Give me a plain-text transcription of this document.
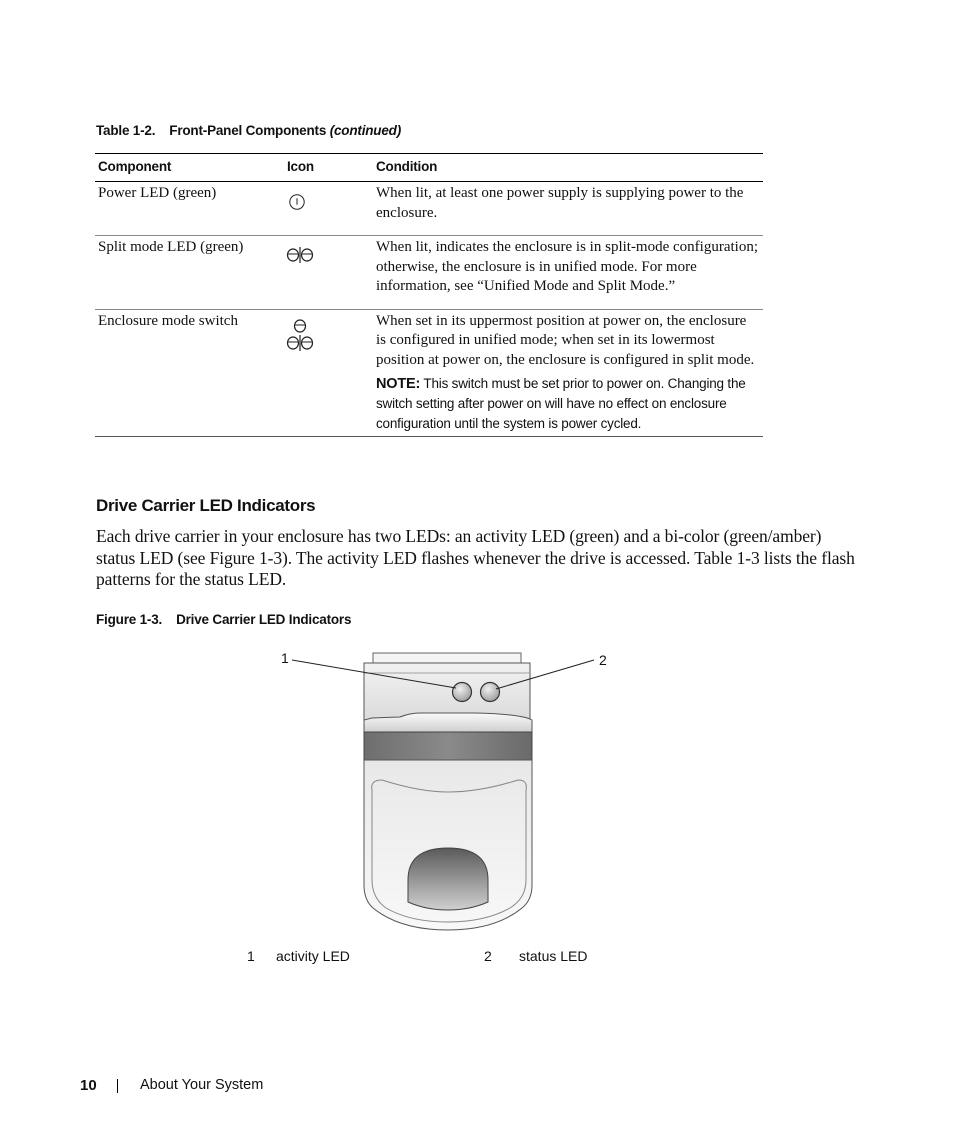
Table 1-2. Front-Panel Components (continued)
Component	Icon	Condition
Power LED (green)		When lit, at least one power supply is supplying power to the enclosure.
Split mode LED (green)		When lit, indicates the enclosure is in split-mode configuration; otherwise, the enclosure is in unified mode. For more information, see “Unified Mode and Split Mode.”
Enclosure mode switch		When set in its uppermost position at power on, the enclosure is configured in unified mode; when set in its lowermost position at power on, the enclosure is configured in split mode.
NOTE: This switch must be set prior to power on. Changing the switch setting after power on will have no effect on enclosure configuration until the system is power cycled.
Drive Carrier LED Indicators

Each drive carrier in your enclosure has two LEDs: an activity LED (green) and a bi-color (green/amber) status LED (see Figure 1-3). The activity LED flashes whenever the drive is accessed. Table 1-3 lists the flash patterns for the status LED.

Figure 1-3. Drive Carrier LED Indicators
1	2
1 activity LED	2 status LED
10	About Your System
